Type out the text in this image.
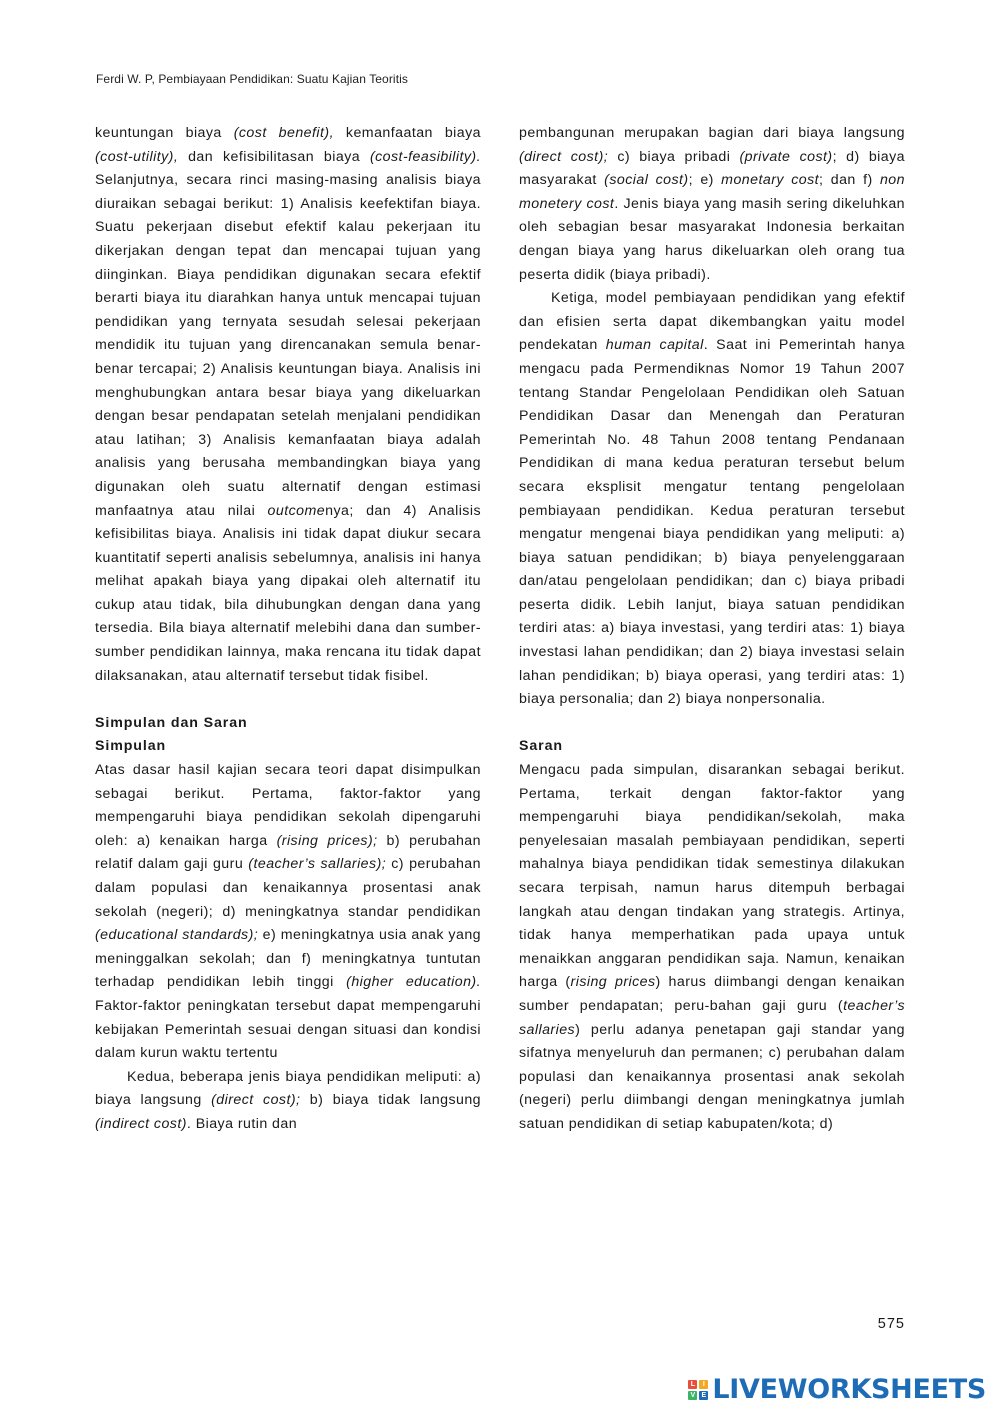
Ferdi W. P, Pembiayaan Pendidikan: Suatu Kajian Teoritis

keuntungan biaya (cost benefit), kemanfaatan biaya (cost-utility), dan kefisibilitasan biaya (cost-feasibility). Selanjutnya, secara rinci masing-masing analisis biaya diuraikan sebagai berikut: 1) Analisis keefektifan biaya. Suatu pekerjaan disebut efektif kalau pekerjaan itu dikerjakan dengan tepat dan mencapai tujuan yang diinginkan. Biaya pendidikan digunakan secara efektif berarti biaya itu diarahkan hanya untuk mencapai tujuan pendidikan yang ternyata sesudah selesai pekerjaan mendidik itu tujuan yang direncanakan semula benar-benar tercapai; 2) Analisis keuntungan biaya. Analisis ini menghubungkan antara besar biaya yang dikeluarkan dengan besar pendapatan setelah menjalani pendidikan atau latihan; 3) Analisis kemanfaatan biaya adalah analisis yang berusaha membandingkan biaya yang digunakan oleh suatu alternatif dengan estimasi manfaatnya atau nilai outcomenya; dan 4) Analisis kefisibilitas biaya. Analisis ini tidak dapat diukur secara kuantitatif seperti analisis sebelumnya, analisis ini hanya melihat apakah biaya yang dipakai oleh alternatif itu cukup atau tidak, bila dihubungkan dengan dana yang tersedia. Bila biaya alternatif melebihi dana dan sumber-sumber pendidikan lainnya, maka rencana itu tidak dapat dilaksanakan, atau alternatif tersebut tidak fisibel.

Simpulan dan Saran

Simpulan

Atas dasar hasil kajian secara teori dapat disimpulkan sebagai berikut. Pertama, faktor-faktor yang mempengaruhi biaya pendidikan sekolah dipengaruhi oleh: a) kenaikan harga (rising prices); b) perubahan relatif dalam gaji guru (teacher’s sallaries); c) perubahan dalam populasi dan kenaikannya prosentasi anak sekolah (negeri); d) meningkatnya standar pendidikan (educational standards); e) meningkatnya usia anak yang meninggalkan sekolah; dan f) meningkatnya tuntutan terhadap pendidikan lebih tinggi (higher education). Faktor-faktor peningkatan tersebut dapat mempengaruhi kebijakan Pemerintah sesuai dengan situasi dan kondisi dalam kurun waktu tertentu

Kedua, beberapa jenis biaya pendidikan meliputi: a) biaya langsung (direct cost); b) biaya tidak langsung (indirect cost). Biaya rutin dan

pembangunan merupakan bagian dari biaya langsung (direct cost); c) biaya pribadi (private cost); d) biaya masyarakat (social cost); e) monetary cost; dan f) non monetery cost. Jenis biaya yang masih sering dikeluhkan oleh sebagian besar masyarakat Indonesia berkaitan dengan biaya yang harus dikeluarkan oleh orang tua peserta didik (biaya pribadi).

Ketiga, model pembiayaan pendidikan yang efektif dan efisien serta dapat dikembangkan yaitu model pendekatan human capital. Saat ini Pemerintah hanya mengacu pada Permendiknas Nomor 19 Tahun 2007 tentang Standar Pengelolaan Pendidikan oleh Satuan Pendidikan Dasar dan Menengah dan Peraturan Pemerintah No. 48 Tahun 2008 tentang Pendanaan Pendidikan di mana kedua peraturan tersebut belum secara eksplisit mengatur tentang pengelolaan pembiayaan pendidikan. Kedua peraturan tersebut mengatur mengenai biaya pendidikan yang meliputi: a) biaya satuan pendidikan; b) biaya penyelenggaraan dan/atau pengelolaan pendidikan; dan c) biaya pribadi peserta didik. Lebih lanjut, biaya satuan pendidikan terdiri atas: a) biaya investasi, yang terdiri atas: 1) biaya investasi lahan pendidikan; dan 2) biaya investasi selain lahan pendidikan; b) biaya operasi, yang terdiri atas: 1) biaya personalia; dan 2) biaya nonpersonalia.

Saran

Mengacu pada simpulan, disarankan sebagai berikut. Pertama, terkait dengan faktor-faktor yang mempengaruhi biaya pendidikan/sekolah, maka penyelesaian masalah pembiayaan pendidikan, seperti mahalnya biaya pendidikan tidak semestinya dilakukan secara terpisah, namun harus ditempuh berbagai langkah atau dengan tindakan yang strategis. Artinya, tidak hanya memperhatikan pada upaya untuk menaikkan anggaran pendidikan saja. Namun, kenaikan harga (rising prices) harus diimbangi dengan kenaikan sumber pendapatan; peru-bahan gaji guru (teacher’s sallaries) perlu adanya penetapan gaji standar yang sifatnya menyeluruh dan permanen; c) perubahan dalam populasi dan kenaikannya prosentasi anak sekolah (negeri) perlu diimbangi dengan meningkatnya jumlah satuan pendidikan di setiap kabupaten/kota; d)

575
L	I
V E LIVEWORKSHEETS
